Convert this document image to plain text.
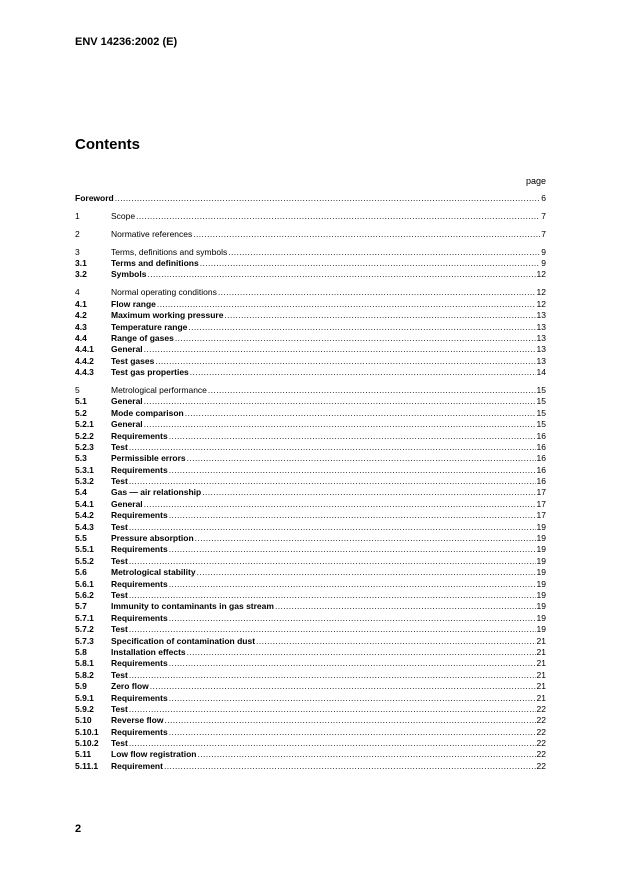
ENV 14236:2002 (E)
Contents
page
Foreword .....	6
1	Scope .....	7
2	Normative references .....	7
3	Terms, definitions and symbols .....	9
3.1	Terms and definitions .....	9
3.2	Symbols .....	12
4	Normal operating conditions .....	12
4.1	Flow range .....	12
4.2	Maximum working pressure .....	13
4.3	Temperature range .....	13
4.4	Range of gases .....	13
4.4.1	General .....	13
4.4.2	Test gases .....	13
4.4.3	Test gas properties .....	14
5	Metrological performance .....	15
5.1	General .....	15
5.2	Mode comparison .....	15
5.2.1	General .....	15
5.2.2	Requirements .....	16
5.2.3	Test .....	16
5.3	Permissible errors .....	16
5.3.1	Requirements .....	16
5.3.2	Test .....	16
5.4	Gas — air relationship .....	17
5.4.1	General .....	17
5.4.2	Requirements .....	17
5.4.3	Test .....	19
5.5	Pressure absorption .....	19
5.5.1	Requirements .....	19
5.5.2	Test .....	19
5.6	Metrological stability .....	19
5.6.1	Requirements .....	19
5.6.2	Test .....	19
5.7	Immunity to contaminants in gas stream .....	19
5.7.1	Requirements .....	19
5.7.2	Test .....	19
5.7.3	Specification of contamination dust .....	21
5.8	Installation effects .....	21
5.8.1	Requirements .....	21
5.8.2	Test .....	21
5.9	Zero flow .....	21
5.9.1	Requirements .....	21
5.9.2	Test .....	22
5.10	Reverse flow .....	22
5.10.1	Requirements .....	22
5.10.2	Test .....	22
5.11	Low flow registration .....	22
5.11.1	Requirement .....	22
2
